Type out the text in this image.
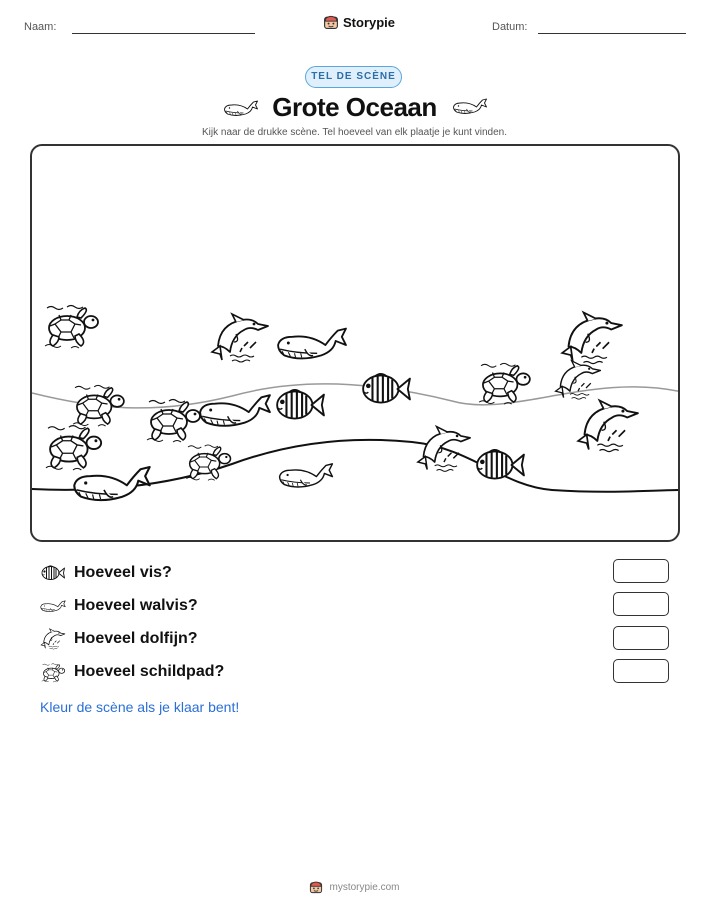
Naam:	Storypie	Datum:
TEL DE SCÈNE
Grote Oceaan
Kijk naar de drukke scène. Tel hoeveel van elk plaatje je kunt vinden.
Hoeveel vis?
Hoeveel walvis?
Hoeveel dolfijn?
Hoeveel schildpad?
Kleur de scène als je klaar bent!
mystorypie.com
